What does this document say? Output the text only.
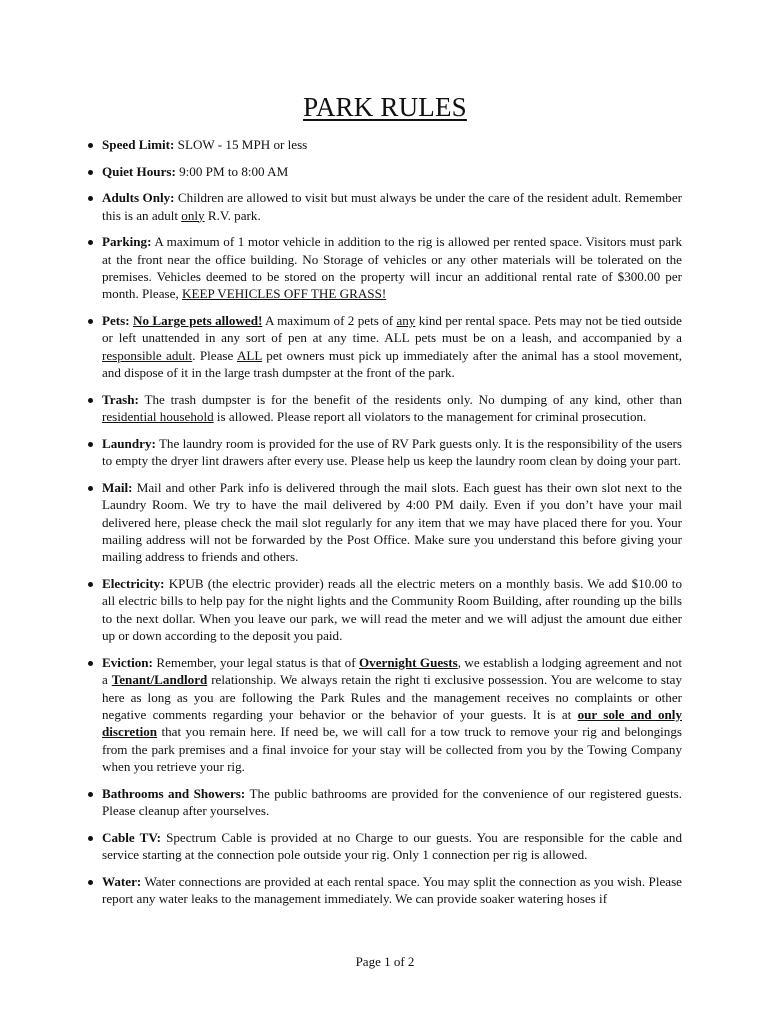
PARK RULES
Speed Limit: SLOW - 15 MPH or less
Quiet Hours: 9:00 PM to 8:00 AM
Adults Only: Children are allowed to visit but must always be under the care of the resident adult. Remember this is an adult only R.V. park.
Parking: A maximum of 1 motor vehicle in addition to the rig is allowed per rented space. Visitors must park at the front near the office building. No Storage of vehicles or any other materials will be tolerated on the premises. Vehicles deemed to be stored on the property will incur an additional rental rate of $300.00 per month. Please, KEEP VEHICLES OFF THE GRASS!
Pets: No Large pets allowed! A maximum of 2 pets of any kind per rental space. Pets may not be tied outside or left unattended in any sort of pen at any time. ALL pets must be on a leash, and accompanied by a responsible adult. Please ALL pet owners must pick up immediately after the animal has a stool movement, and dispose of it in the large trash dumpster at the front of the park.
Trash: The trash dumpster is for the benefit of the residents only. No dumping of any kind, other than residential household is allowed. Please report all violators to the management for criminal prosecution.
Laundry: The laundry room is provided for the use of RV Park guests only. It is the responsibility of the users to empty the dryer lint drawers after every use. Please help us keep the laundry room clean by doing your part.
Mail: Mail and other Park info is delivered through the mail slots. Each guest has their own slot next to the Laundry Room. We try to have the mail delivered by 4:00 PM daily. Even if you don’t have your mail delivered here, please check the mail slot regularly for any item that we may have placed there for you. Your mailing address will not be forwarded by the Post Office. Make sure you understand this before giving your mailing address to friends and others.
Electricity: KPUB (the electric provider) reads all the electric meters on a monthly basis. We add $10.00 to all electric bills to help pay for the night lights and the Community Room Building, after rounding up the bills to the next dollar. When you leave our park, we will read the meter and we will adjust the amount due either up or down according to the deposit you paid.
Eviction: Remember, your legal status is that of Overnight Guests, we establish a lodging agreement and not a Tenant/Landlord relationship. We always retain the right ti exclusive possession. You are welcome to stay here as long as you are following the Park Rules and the management receives no complaints or other negative comments regarding your behavior or the behavior of your guests. It is at our sole and only discretion that you remain here. If need be, we will call for a tow truck to remove your rig and belongings from the park premises and a final invoice for your stay will be collected from you by the Towing Company when you retrieve your rig.
Bathrooms and Showers: The public bathrooms are provided for the convenience of our registered guests. Please cleanup after yourselves.
Cable TV: Spectrum Cable is provided at no Charge to our guests. You are responsible for the cable and service starting at the connection pole outside your rig. Only 1 connection per rig is allowed.
Water: Water connections are provided at each rental space. You may split the connection as you wish. Please report any water leaks to the management immediately. We can provide soaker watering hoses if
Page 1 of 2
